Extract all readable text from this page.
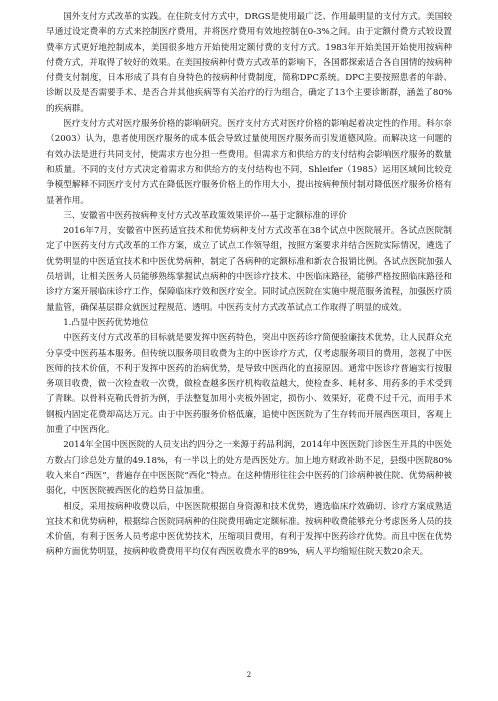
国外支付方式改革的实践。在住院支付方式中，DRGS是使用最广泛、作用最明显的支付方式。美国较早通过设定费率的方式来控制医疗费用，并将医疗费用有效地控制在0-3%之间。由于定额付费方式较设置费率方式更好地控制成本，美国很多地方开始使用定额付费的支付方式。1983年开始美国开始使用按病种付费方式，并取得了较好的效果。在美国按病种付费方式改革的影响下，各国都探索适合各自国情的按病种付费支付制度，日本形成了具有自身特色的按病种付费制度，简称DPC系统。DPC主要按照患者的年龄、诊断以及是否需要手术、是否合并其他疾病等有关治疗的行为组合，确定了13个主要诊断群，涵盖了80%的疾病群。

医疗支付方式对医疗服务价格的影响研究。医疗支付方式对医疗价格的影响起着决定性的作用。科尔奈（2003）认为，患者使用医疗服务的成本低会导致过量使用医疗服务而引发道德风险。而解决这一问题的有效办法是进行共同支付，使需求方也分担一些费用。但需求方和供给方的支付结构会影响医疗服务的数量和质量。不同的支付方式决定着需求方和供给方的支付结构也不同，Shleifer（1985）运用区域间比较竞争模型解释不同医疗支付方式在降低医疗服务价格上的作用大小，提出按病种预付制对降低医疗服务价格有显著作用。

三、安徽省中医药按病种支付方式改革政策效果评价---基于定额标准的评价

2016年7月，安徽省中医药适宜技术和优势病种支付方式改革在38个试点中医院展开。各试点医院制定了中医药支付方式改革的工作方案，成立了试点工作领导组，按照方案要求并结合医院实际情况，遴选了优势明显的中医适宜技术和中医优势病种，制定了各病种的定额标准和新农合报销比例。各试点医院加强人员培训，让相关医务人员能够熟练掌握试点病种的中医诊疗技术、中医临床路径，能够严格按照临床路径和诊疗方案开展临床诊疗工作，保障临床疗效和医疗安全。同时试点医院在实施中规范服务流程，加强医疗质量监管，确保基层群众就医过程规范、透明。中医药支付方式改革试点工作取得了明显的成效。

1.凸显中医药优势地位

中医药支付方式改革的目标就是要发挥中医药特色，突出中医药诊疗简便验廉技术优势，让人民群众充分享受中医药基本服务。但传统以服务项目收费为主的中医诊疗方式，仅考虑服务项目的费用，忽视了中医医师的技术价值，不利于发挥中医药的治病优势，是导致中医西化的直接原因。通常中医诊疗普遍实行按服务项目收费，做一次检查收一次费，做检查越多医疗机构收益越大，使检查多、耗材多、用药多的手术受到了青睐。以骨科克勒氏骨折为例，手法整复加用小夹板外固定，损伤小、效果好，花费不过千元，而用手术钢板内固定花费却高达万元。由于中医药服务价格低廉，追使中医医院为了生存转而开展西医项目，客观上加重了中医西化。

2014年全国中医医院的人员支出约四分之一来源于药品利润，2014年中医医院门诊医生开具的中医处方数占门诊总处方量的49.18%，有一半以上的处方是西医处方。加上地方财政补助不足，县级中医院80%收入来自“西医”，普遍存在中医医院“西化”特点。在这种情形往往会中医药的门诊病种被住院、优势病种被弱化，中医医院被西医化的趋势日益加重。

相反，采用按病种收费以后，中医医院根据自身资源和技术优势，遴选临床疗效确切、诊疗方案成熟适宜技术和优势病种，根据综合医院同病种的住院费用确定定额标准。按病种收费能够充分考虑医务人员的技术价值，有利于医务人员考虑中医优势技术，压缩项目费用，有利于发挥中医药诊疗优势。而且中医在优势病种方面优势明显，按病种收费费用平均仅有西医收费水平的89%，病人平均缩短住院天数20余天。

2
